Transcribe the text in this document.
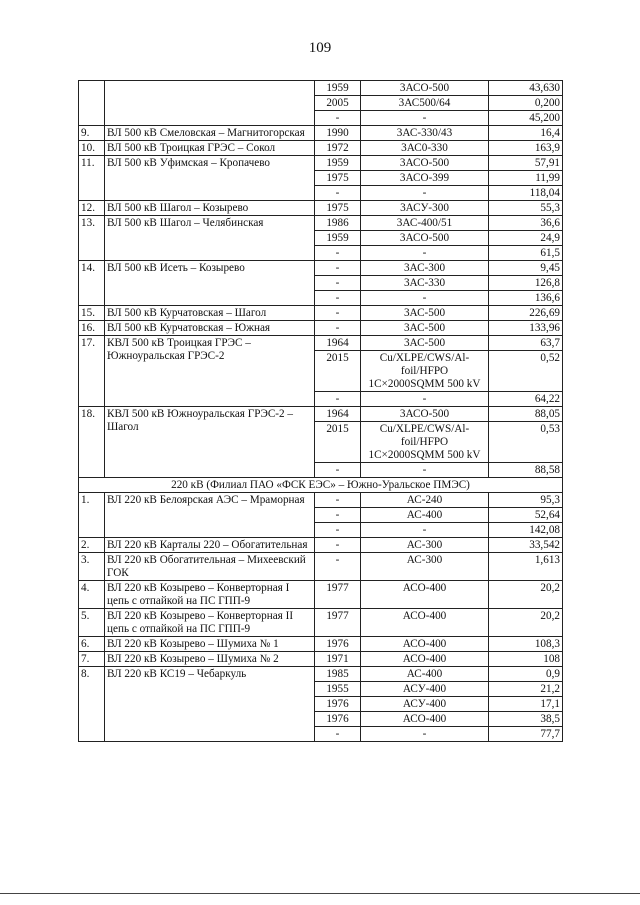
109
		1959	3АСО-500	43,630
		2005	3АС500/64	0,200
		-	-	45,200
9.	ВЛ 500 кВ Смеловская – Магнитогорская	1990	3АС-330/43	16,4
10.	ВЛ 500 кВ Троицкая ГРЭС – Сокол	1972	3АС0-330	163,9
11.	ВЛ 500 кВ Уфимская – Кропачево	1959	3АСО-500	57,91
		1975	3АСО-399	11,99
		-	-	118,04
12.	ВЛ 500 кВ Шагол – Козырево	1975	3АСУ-300	55,3
13.	ВЛ 500 кВ Шагол – Челябинская	1986	3АС-400/51	36,6
		1959	3АСО-500	24,9
		-	-	61,5
14.	ВЛ 500 кВ Исеть – Козырево	-	3АС-300	9,45
		-	3АС-330	126,8
		-	-	136,6
15.	ВЛ 500 кВ Курчатовская – Шагол	-	3АС-500	226,69
16.	ВЛ 500 кВ Курчатовская – Южная	-	3АС-500	133,96
17.	КВЛ 500 кВ Троицкая ГРЭС – Южноуральская ГРЭС-2	1964	3АС-500	63,7
		2015	Cu/XLPE/CWS/Al-foil/HFPO 1С×2000SQMM 500 kV	0,52
		-	-	64,22
18.	КВЛ 500 кВ Южноуральская ГРЭС-2 – Шагол	1964	3АСО-500	88,05
		2015	Cu/XLPE/CWS/Al-foil/HFPO 1С×2000SQMM 500 kV	0,53
		-	-	88,58
220 кВ (Филиал ПАО «ФСК ЕЭС» – Южно-Уральское ПМЭС)				
1.	ВЛ 220 кВ Белоярская АЭС – Мраморная	-	АС-240	95,3
		-	АС-400	52,64
		-	-	142,08
2.	ВЛ 220 кВ Карталы 220 – Обогатительная	-	АС-300	33,542
3.	ВЛ 220 кВ Обогатительная – Михеевский ГОК	-	АС-300	1,613
4.	ВЛ 220 кВ Козырево – Конверторная I цепь с отпайкой на ПС ГПП-9	1977	АСО-400	20,2
5.	ВЛ 220 кВ Козырево – Конверторная II цепь с отпайкой на ПС ГПП-9	1977	АСО-400	20,2
6.	ВЛ 220 кВ Козырево – Шумиха № 1	1976	АСО-400	108,3
7.	ВЛ 220 кВ Козырево – Шумиха № 2	1971	АСО-400	108
8.	ВЛ 220 кВ КС19 – Чебаркуль	1985	АС-400	0,9
		1955	АСУ-400	21,2
		1976	АСУ-400	17,1
		1976	АСО-400	38,5
		-	-	77,7
